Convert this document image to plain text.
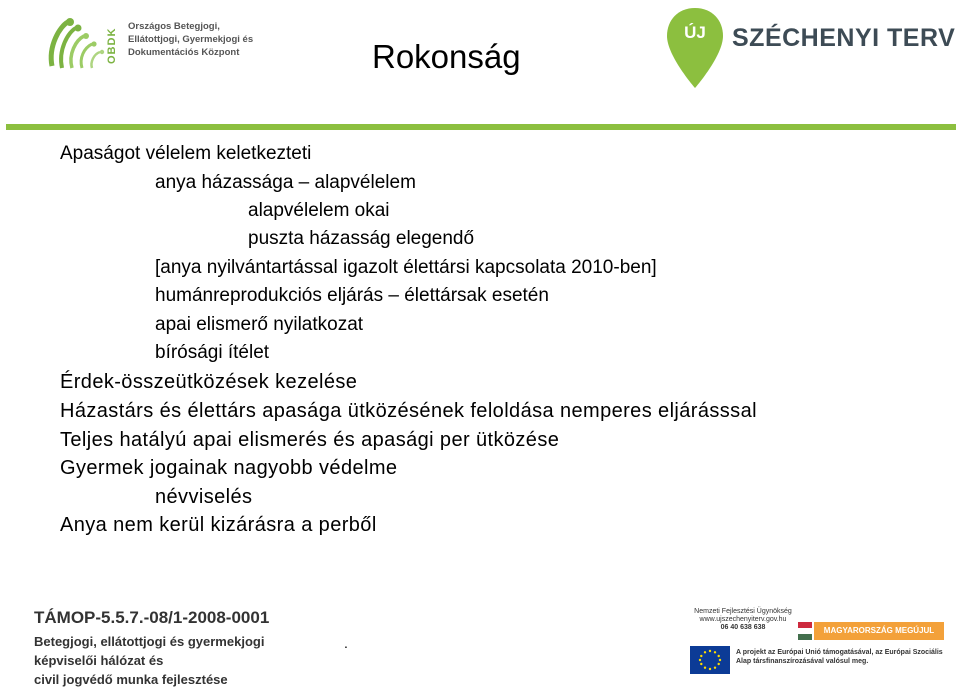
OBDK
Országos Betegjogi,
Ellátottjogi, Gyermekjogi és
Dokumentációs Központ	Rokonság
ÚJ	SZÉCHENYI TERV
Apaságot vélelem keletkezteti
anya házassága – alapvélelem
alapvélelem okai
puszta házasság elegendő
[anya nyilvántartással igazolt élettársi kapcsolata 2010-ben]
humánreprodukciós eljárás – élettársak esetén
apai elismerő nyilatkozat
bírósági ítélet
Érdek-összeütközések kezelése
Házastárs és élettárs apasága ütközésének feloldása nemperes eljárásssal
Teljes hatályú apai elismerés és apasági per ütközése
Gyermek jogainak nagyobb védelme
névviselés
Anya nem kerül kizárásra a perből
TÁMOP-5.5.7.-08/1-2008-0001
Betegjogi, ellátottjogi és gyermekjogi
képviselői hálózat és
civil jogvédő munka fejlesztése
.
Nemzeti Fejlesztési Ügynökség
www.ujszechenyiterv.gov.hu
06 40 638 638	MAGYARORSZÁG MEGÚJUL
A projekt az Európai Unió támogatásával, az Európai Szociális Alap társfinanszírozásával valósul meg.
